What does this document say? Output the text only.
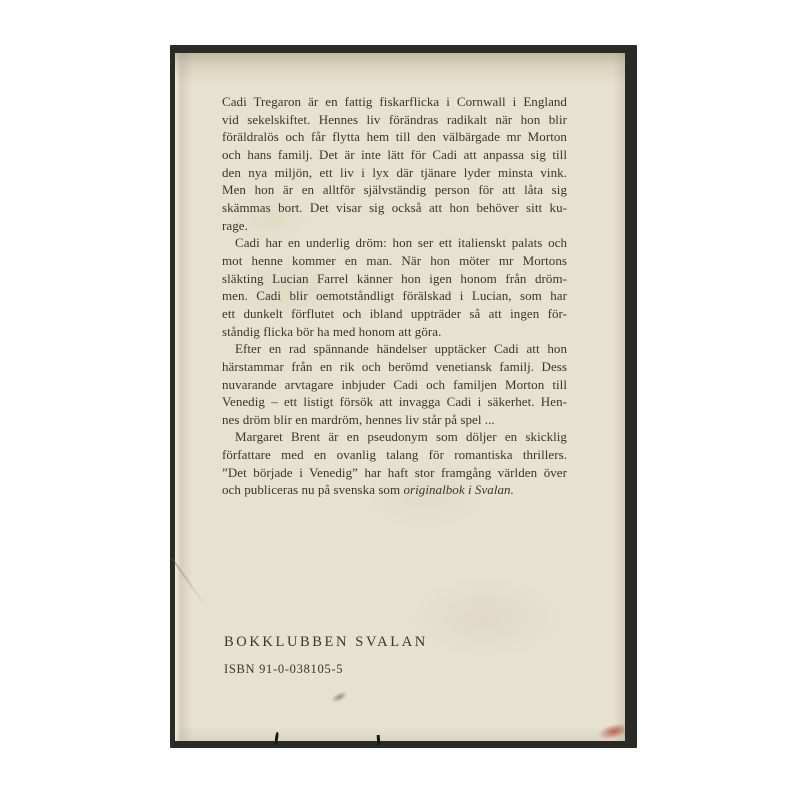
Cadi Tregaron är en fattig fiskarflicka i Cornwall i England
vid sekelskiftet. Hennes liv förändras radikalt när hon blir
föräldralös och får flytta hem till den välbärgade mr Morton
och hans familj. Det är inte lätt för Cadi att anpassa sig till
den nya miljön, ett liv i lyx där tjänare lyder minsta vink.
Men hon är en alltför självständig person för att låta sig
skämmas bort. Det visar sig också att hon behöver sitt ku-
rage.
Cadi har en underlig dröm: hon ser ett italienskt palats och
mot henne kommer en man. När hon möter mr Mortons
släkting Lucian Farrel känner hon igen honom från dröm-
men. Cadi blir oemotståndligt förälskad i Lucian, som har
ett dunkelt förflutet och ibland uppträder så att ingen för-
ståndig flicka bör ha med honom att göra.
Efter en rad spännande händelser upptäcker Cadi att hon
härstammar från en rik och berömd venetiansk familj. Dess
nuvarande arvtagare inbjuder Cadi och familjen Morton till
Venedig – ett listigt försök att invagga Cadi i säkerhet. Hen-
nes dröm blir en mardröm, hennes liv står på spel ...
Margaret Brent är en pseudonym som döljer en skicklig
författare med en ovanlig talang för romantiska thrillers.
”Det började i Venedig” har haft stor framgång världen över
och publiceras nu på svenska som originalbok i Svalan.
BOKKLUBBEN SVALAN
ISBN 91-0-038105-5
